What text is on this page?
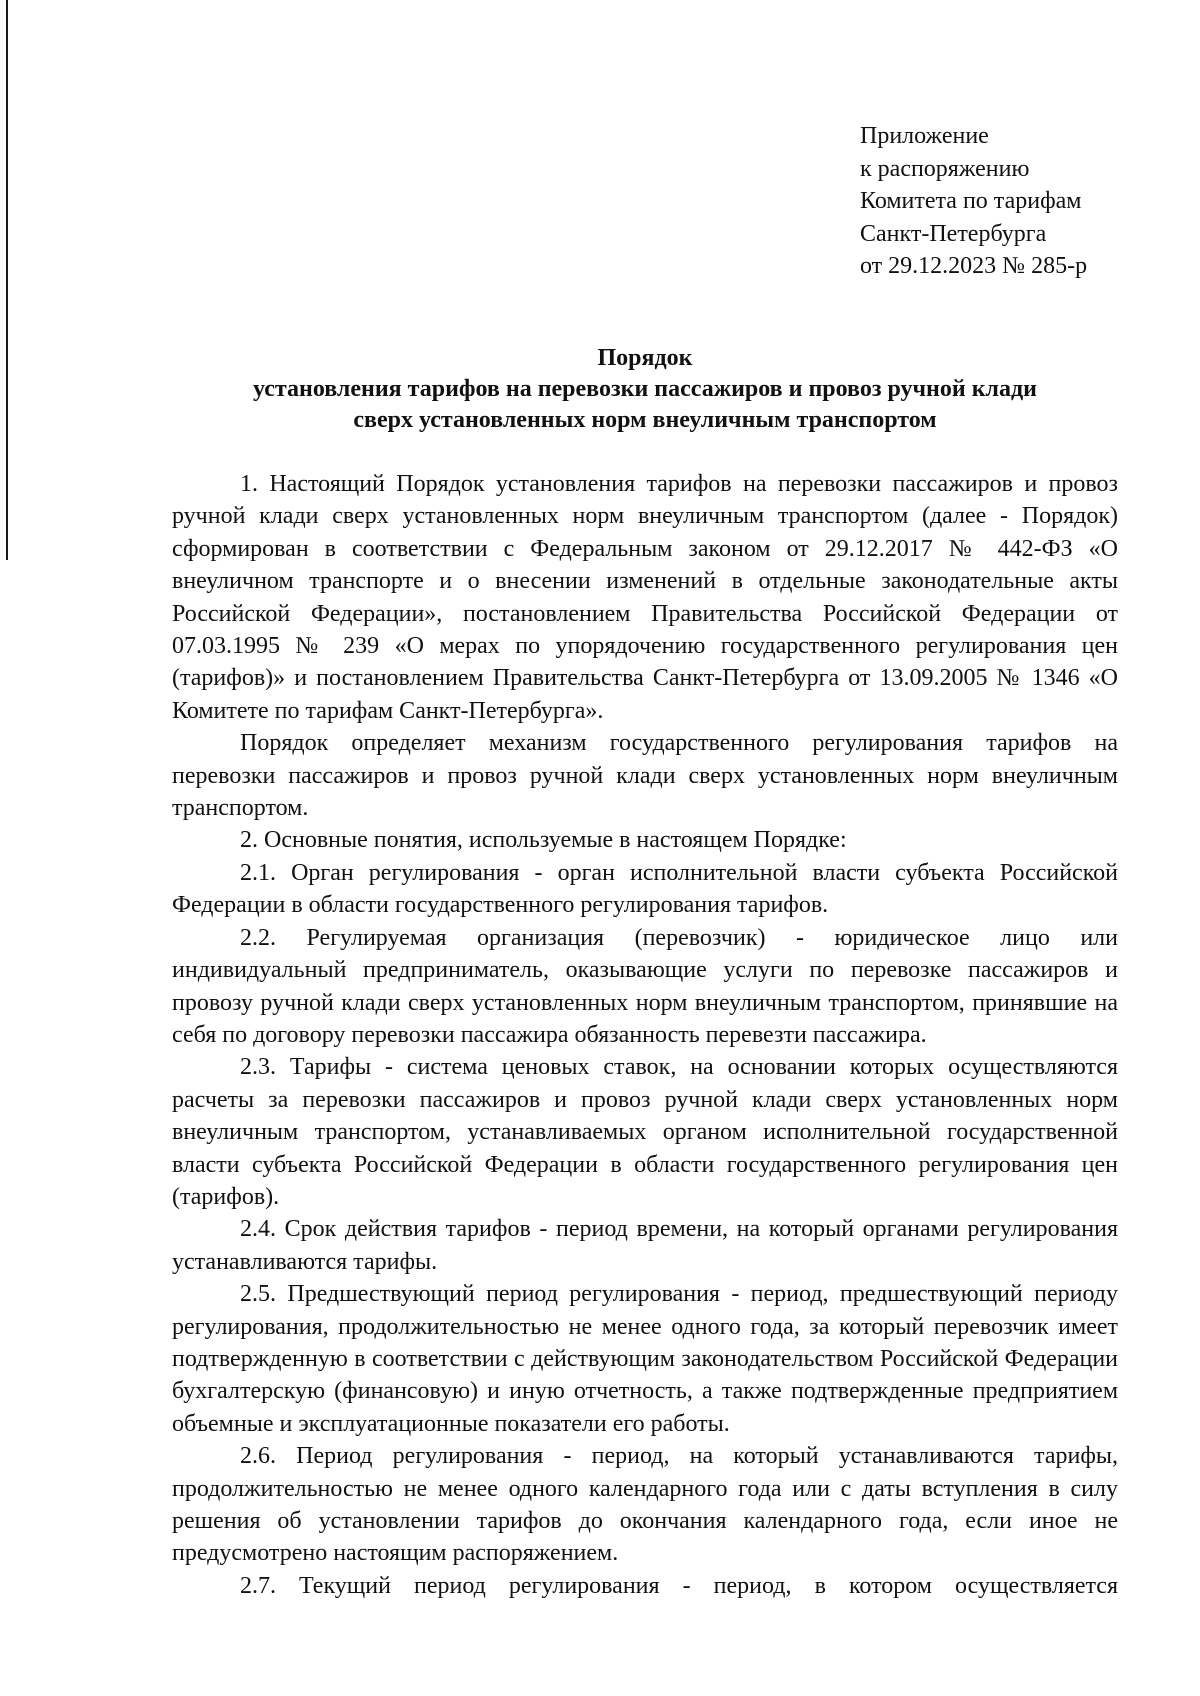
Приложение
к распоряжению
Комитета по тарифам
Санкт-Петербурга
от 29.12.2023 № 285-р
Порядок
установления тарифов на перевозки пассажиров и провоз ручной клади
сверх установленных норм внеуличным транспортом

1. Настоящий Порядок установления тарифов на перевозки пассажиров и провоз ручной клади сверх установленных норм внеуличным транспортом (далее - Порядок) сформирован в соответствии с Федеральным законом от 29.12.2017 № 442-ФЗ «О внеуличном транспорте и о внесении изменений в отдельные законодательные акты Российской Федерации», постановлением Правительства Российской Федерации от 07.03.1995 № 239 «О мерах по упорядочению государственного регулирования цен (тарифов)» и постановлением Правительства Санкт-Петербурга от 13.09.2005 № 1346 «О Комитете по тарифам Санкт-Петербурга».

Порядок определяет механизм государственного регулирования тарифов на перевозки пассажиров и провоз ручной клади сверх установленных норм внеуличным транспортом.

2. Основные понятия, используемые в настоящем Порядке:

2.1. Орган регулирования - орган исполнительной власти субъекта Российской Федерации в области государственного регулирования тарифов.

2.2. Регулируемая организация (перевозчик) - юридическое лицо или индивидуальный предприниматель, оказывающие услуги по перевозке пассажиров и провозу ручной клади сверх установленных норм внеуличным транспортом, принявшие на себя по договору перевозки пассажира обязанность перевезти пассажира.

2.3. Тарифы - система ценовых ставок, на основании которых осуществляются расчеты за перевозки пассажиров и провоз ручной клади сверх установленных норм внеуличным транспортом, устанавливаемых органом исполнительной государственной власти субъекта Российской Федерации в области государственного регулирования цен (тарифов).

2.4. Срок действия тарифов - период времени, на который органами регулирования устанавливаются тарифы.

2.5. Предшествующий период регулирования - период, предшествующий периоду регулирования, продолжительностью не менее одного года, за который перевозчик имеет подтвержденную в соответствии с действующим законодательством Российской Федерации бухгалтерскую (финансовую) и иную отчетность, а также подтвержденные предприятием объемные и эксплуатационные показатели его работы.

2.6. Период регулирования - период, на который устанавливаются тарифы, продолжительностью не менее одного календарного года или с даты вступления в силу решения об установлении тарифов до окончания календарного года, если иное не предусмотрено настоящим распоряжением.

2.7. Текущий период регулирования - период, в котором осуществляется
